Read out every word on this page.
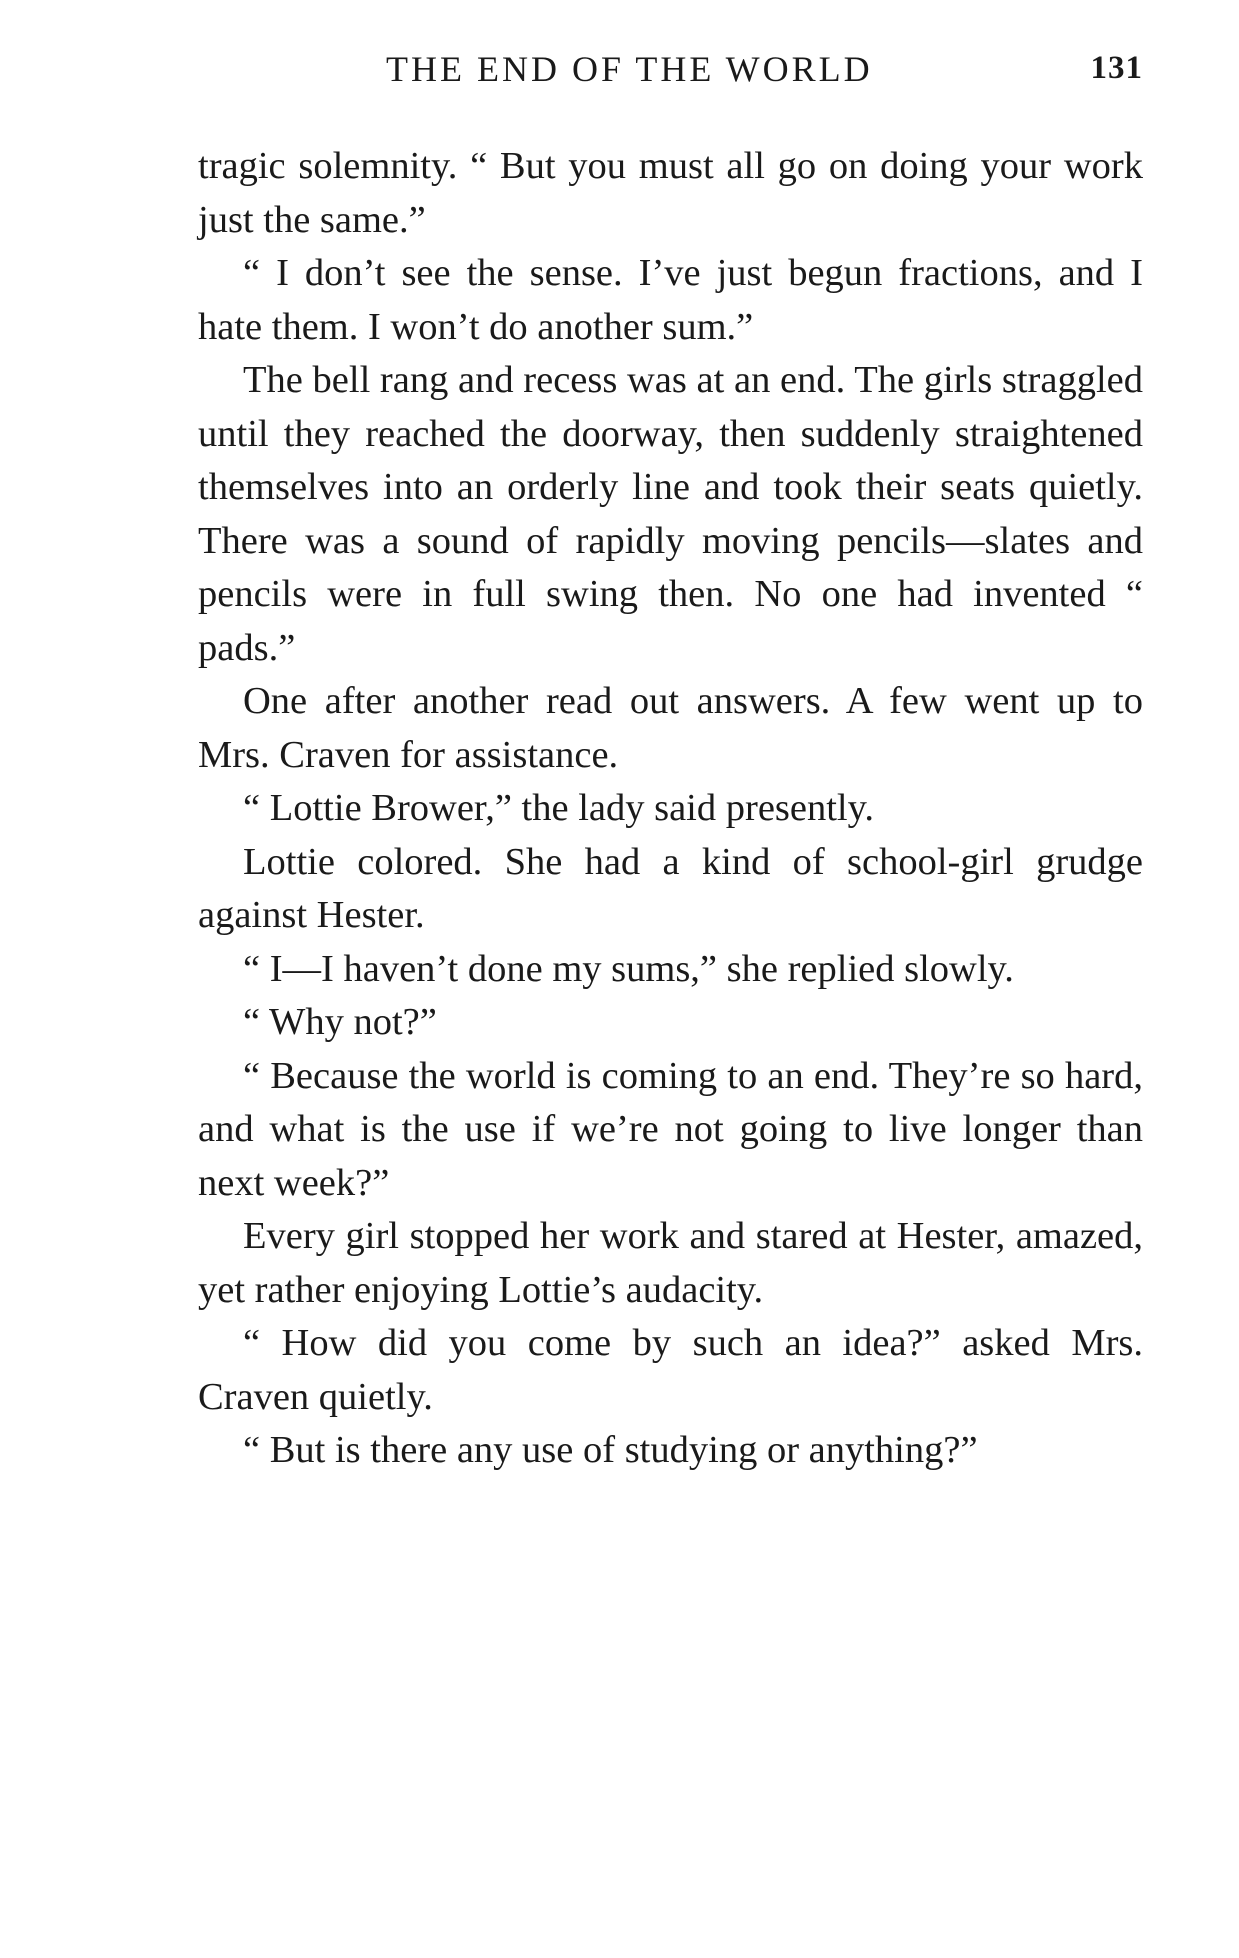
THE END OF THE WORLD	131

tragic solemnity. “ But you must all go on doing your work just the same.”

“ I don’t see the sense. I’ve just begun fractions, and I hate them. I won’t do another sum.”

The bell rang and recess was at an end. The girls straggled until they reached the doorway, then suddenly straightened themselves into an orderly line and took their seats quietly. There was a sound of rapidly moving pencils—slates and pencils were in full swing then. No one had invented “ pads.”

One after another read out answers. A few went up to Mrs. Craven for assistance.

“ Lottie Brower,” the lady said presently.

Lottie colored. She had a kind of school-girl grudge against Hester.

“ I—I haven’t done my sums,” she replied slowly.

“ Why not?”

“ Because the world is coming to an end. They’re so hard, and what is the use if we’re not going to live longer than next week?”

Every girl stopped her work and stared at Hester, amazed, yet rather enjoying Lottie’s audacity.

“ How did you come by such an idea?” asked Mrs. Craven quietly.

“ But is there any use of studying or anything?”
